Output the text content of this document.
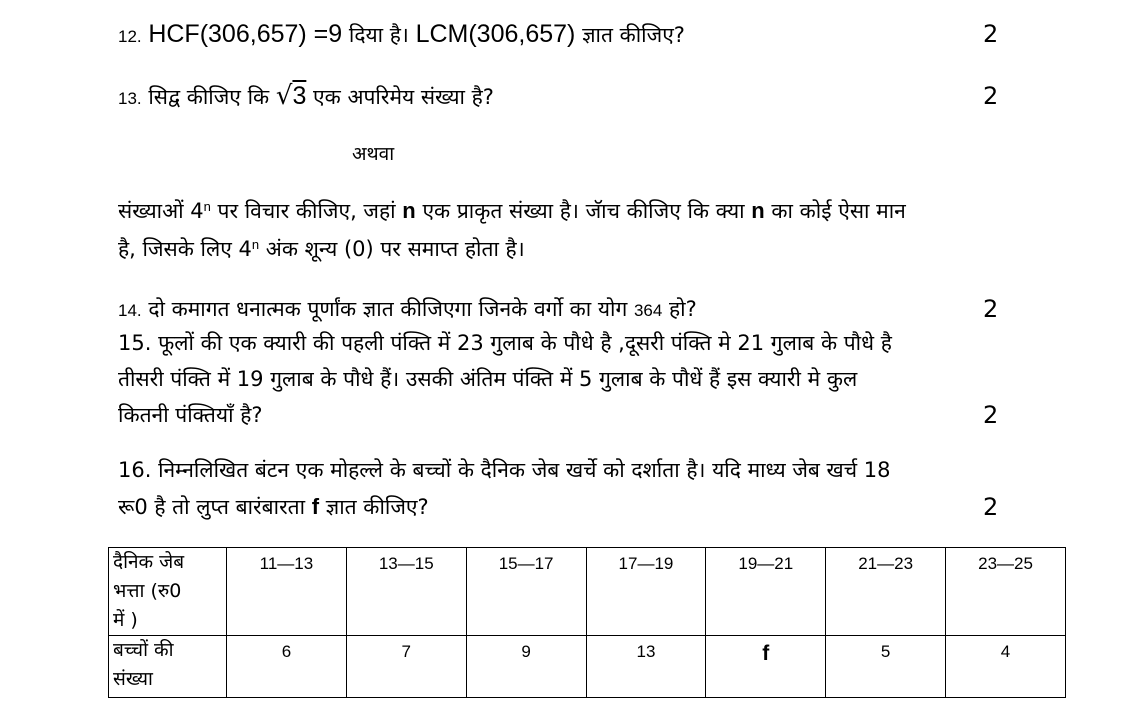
12. HCF(306,657) =9 दिया है। LCM(306,657) ज्ञात कीजिए?	2
13. सिद्व कीजिए कि √3 एक अपरिमेय संख्या है?	2
अथवा
संख्याओं 4$^n$ पर विचार कीजिए, जहां n एक प्राकृत संख्या है। जॅाच कीजिए कि क्या n का कोई ऐसा मान
है, जिसके लिए 4$^n$ अंक शून्य (0) पर समाप्त होता है।
14. दो कमागत धनात्मक पूर्णांक ज्ञात कीजिएगा जिनके वर्गो का योग 364 हो?	2
15. फूलों की एक क्यारी की पहली पंक्ति में 23 गुलाब के पौधे है ,दूसरी पंक्ति मे 21 गुलाब के पौधे है
तीसरी पंक्ति में 19 गुलाब के पौधे हैं। उसकी अंतिम पंक्ति में 5 गुलाब के पौधें हैं इस क्यारी मे कुल
कितनी पंक्तियॉं है?	2
16. निम्नलिखित बंटन एक मोहल्ले के बच्चों के दैनिक जेब खर्चे को दर्शाता है। यदि माध्य जेब खर्च 18
रू0 है तो लुप्त बारंबारता f ज्ञात कीजिए?	2
दैनिक जेब
भत्ता (रु0
में )	11—13	13—15	15—17	17—19	19—21	21—23	23—25

बच्चों की
संख्या	6	7	9	13	f	5	4
